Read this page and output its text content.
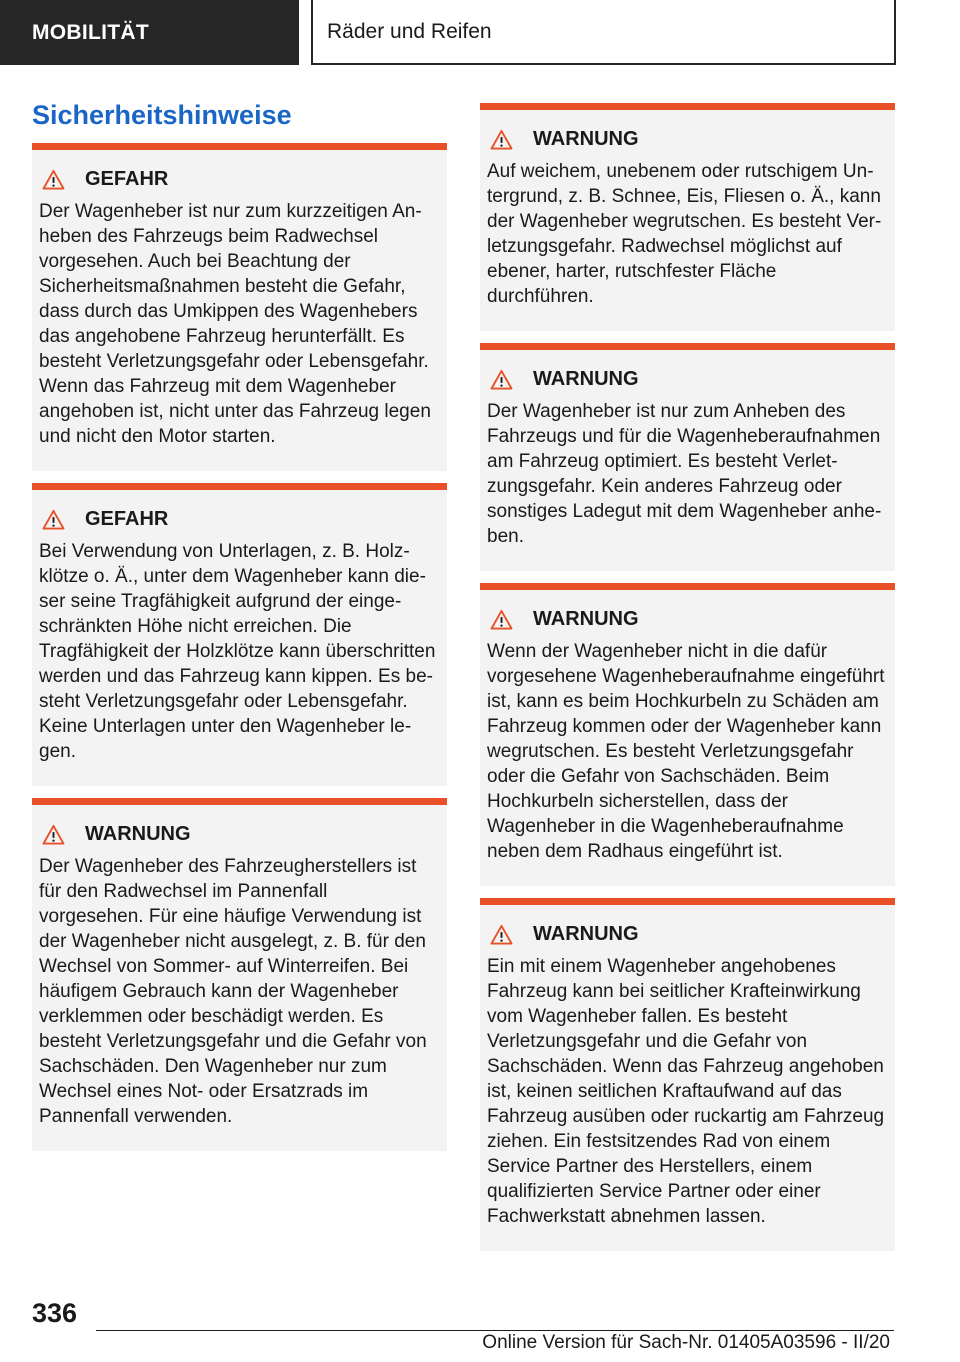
MOBILITÄT	Räder und Reifen
Sicherheitshinweise
GEFAHR

Der Wagenheber ist nur zum kurzzeitigen Anheben des Fahrzeugs beim Radwechsel vorgesehen. Auch bei Beachtung der Sicherheitsmaßnahmen besteht die Gefahr, dass durch das Umkippen des Wagenhebers das angehobene Fahrzeug herunterfällt. Es besteht Verletzungsgefahr oder Lebensgefahr. Wenn das Fahrzeug mit dem Wagenheber angehoben ist, nicht unter das Fahrzeug legen und nicht den Motor starten.

GEFAHR

Bei Verwendung von Unterlagen, z. B. Holzklötze o. Ä., unter dem Wagenheber kann dieser seine Tragfähigkeit aufgrund der eingeschränkten Höhe nicht erreichen. Die Tragfähigkeit der Holzklötze kann überschritten werden und das Fahrzeug kann kippen. Es besteht Verletzungsgefahr oder Lebensgefahr. Keine Unterlagen unter den Wagenheber legen.

WARNUNG

Der Wagenheber des Fahrzeugherstellers ist für den Radwechsel im Pannenfall vorgesehen. Für eine häufige Verwendung ist der Wagenheber nicht ausgelegt, z. B. für den Wechsel von Sommer- auf Winterreifen. Bei häufigem Gebrauch kann der Wagenheber verklemmen oder beschädigt werden. Es besteht Verletzungsgefahr und die Gefahr von Sachschäden. Den Wagenheber nur zum Wechsel eines Not- oder Ersatzrads im Pannenfall verwenden.

WARNUNG

Auf weichem, unebenem oder rutschigem Untergrund, z. B. Schnee, Eis, Fliesen o. Ä., kann der Wagenheber wegrutschen. Es besteht Verletzungsgefahr. Radwechsel möglichst auf ebener, harter, rutschfester Fläche durchführen.

WARNUNG

Der Wagenheber ist nur zum Anheben des Fahrzeugs und für die Wagenheberaufnahmen am Fahrzeug optimiert. Es besteht Verletzungsgefahr. Kein anderes Fahrzeug oder sonstiges Ladegut mit dem Wagenheber anheben.

WARNUNG

Wenn der Wagenheber nicht in die dafür vorgesehene Wagenheberaufnahme eingeführt ist, kann es beim Hochkurbeln zu Schäden am Fahrzeug kommen oder der Wagenheber kann wegrutschen. Es besteht Verletzungsgefahr oder die Gefahr von Sachschäden. Beim Hochkurbeln sicherstellen, dass der Wagenheber in die Wagenheberaufnahme neben dem Radhaus eingeführt ist.

WARNUNG

Ein mit einem Wagenheber angehobenes Fahrzeug kann bei seitlicher Krafteinwirkung vom Wagenheber fallen. Es besteht Verletzungsgefahr und die Gefahr von Sachschäden. Wenn das Fahrzeug angehoben ist, keinen seitlichen Kraftaufwand auf das Fahrzeug ausüben oder ruckartig am Fahrzeug ziehen. Ein festsitzendes Rad von einem Service Partner des Herstellers, einem qualifizierten Service Partner oder einer Fachwerkstatt abnehmen lassen.

336
Online Version für Sach-Nr. 01405A03596 - II/20
